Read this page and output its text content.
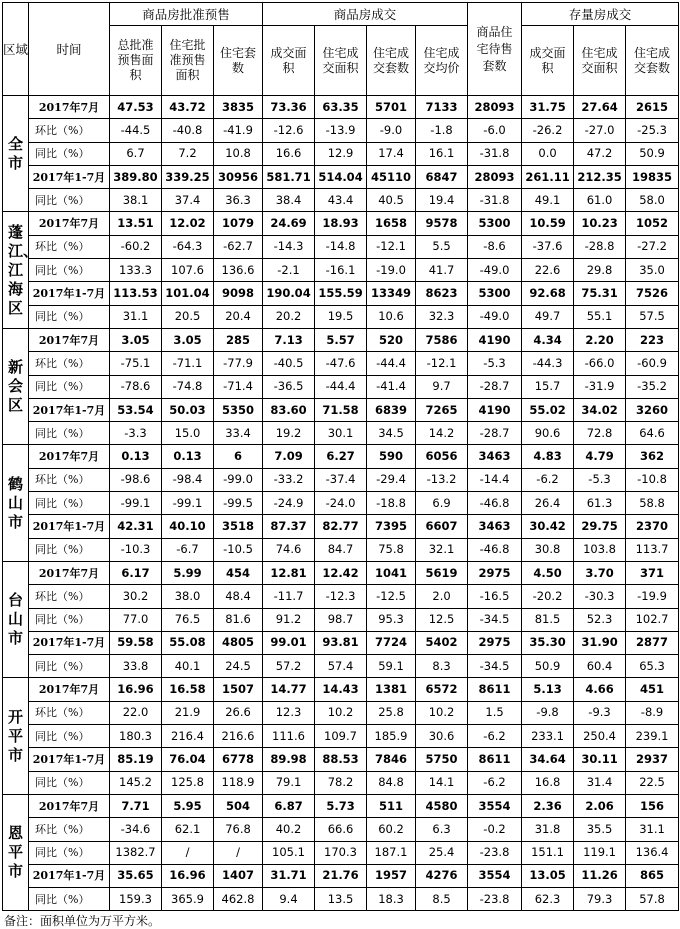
区域	时间	商品房批准预售			商品房成交				商品住宅待售套数	存量房成交		
		总批准预售面积	住宅批准预售面积	住宅套数	成交面积	住宅成交面积	住宅成交套数	住宅成交均价		成交面积	住宅成交面积	住宅成交套数
全市	2017年7月	47.53	43.72	3835	73.36	63.35	5701	7133	28093	31.75	27.64	2615
	环比（%）	-44.5	-40.8	-41.9	-12.6	-13.9	-9.0	-1.8	-6.0	-26.2	-27.0	-25.3
	同比（%）	6.7	7.2	10.8	16.6	12.9	17.4	16.1	-31.8	0.0	47.2	50.9
	2017年1-7月	389.80	339.25	30956	581.71	514.04	45110	6847	28093	261.11	212.35	19835
	同比（%）	38.1	37.4	36.3	38.4	43.4	40.5	19.4	-31.8	49.1	61.0	58.0
蓬江、江海区	2017年7月	13.51	12.02	1079	24.69	18.93	1658	9578	5300	10.59	10.23	1052
	环比（%）	-60.2	-64.3	-62.7	-14.3	-14.8	-12.1	5.5	-8.6	-37.6	-28.8	-27.2
	同比（%）	133.3	107.6	136.6	-2.1	-16.1	-19.0	41.7	-49.0	22.6	29.8	35.0
	2017年1-7月	113.53	101.04	9098	190.04	155.59	13349	8623	5300	92.68	75.31	7526
	同比（%）	31.1	20.5	20.4	20.2	19.5	10.6	32.3	-49.0	49.7	55.1	57.5
新会区	2017年7月	3.05	3.05	285	7.13	5.57	520	7586	4190	4.34	2.20	223
	环比（%）	-75.1	-71.1	-77.9	-40.5	-47.6	-44.4	-12.1	-5.3	-44.3	-66.0	-60.9
	同比（%）	-78.6	-74.8	-71.4	-36.5	-44.4	-41.4	9.7	-28.7	15.7	-31.9	-35.2
	2017年1-7月	53.54	50.03	5350	83.60	71.58	6839	7265	4190	55.02	34.02	3260
	同比（%）	-3.3	15.0	33.4	19.2	30.1	34.5	14.2	-28.7	90.6	72.8	64.6
鹤山市	2017年7月	0.13	0.13	6	7.09	6.27	590	6056	3463	4.83	4.79	362
	环比（%）	-98.6	-98.4	-99.0	-33.2	-37.4	-29.4	-13.2	-14.4	-6.2	-5.3	-10.8
	同比（%）	-99.1	-99.1	-99.5	-24.9	-24.0	-18.8	6.9	-46.8	26.4	61.3	58.8
	2017年1-7月	42.31	40.10	3518	87.37	82.77	7395	6607	3463	30.42	29.75	2370
	同比（%）	-10.3	-6.7	-10.5	74.6	84.7	75.8	32.1	-46.8	30.8	103.8	113.7
台山市	2017年7月	6.17	5.99	454	12.81	12.42	1041	5619	2975	4.50	3.70	371
	环比（%）	30.2	38.0	48.4	-11.7	-12.3	-12.5	2.0	-16.5	-20.2	-30.3	-19.9
	同比（%）	77.0	76.5	81.6	91.2	98.7	95.3	12.5	-34.5	81.5	52.3	102.7
	2017年1-7月	59.58	55.08	4805	99.01	93.81	7724	5402	2975	35.30	31.90	2877
	同比（%）	33.8	40.1	24.5	57.2	57.4	59.1	8.3	-34.5	50.9	60.4	65.3
开平市	2017年7月	16.96	16.58	1507	14.77	14.43	1381	6572	8611	5.13	4.66	451
	环比（%）	22.0	21.9	26.6	12.3	10.2	25.8	10.2	1.5	-9.8	-9.3	-8.9
	同比（%）	180.3	216.4	216.6	111.6	109.7	185.9	30.6	-6.2	233.1	250.4	239.1
	2017年1-7月	85.19	76.04	6778	89.98	88.53	7846	5750	8611	34.64	30.11	2937
	同比（%）	145.2	125.8	118.9	79.1	78.2	84.8	14.1	-6.2	16.8	31.4	22.5
恩平市	2017年7月	7.71	5.95	504	6.87	5.73	511	4580	3554	2.36	2.06	156
	环比（%）	-34.6	62.1	76.8	40.2	66.6	60.2	6.3	-0.2	31.8	35.5	31.1
	同比（%）	1382.7	/	/	105.1	170.3	187.1	25.4	-23.8	151.1	119.1	136.4
	2017年1-7月	35.65	16.96	1407	31.71	21.76	1957	4276	3554	13.05	11.26	865
	同比（%）	159.3	365.9	462.8	9.4	13.5	18.3	8.5	-23.8	62.3	79.3	57.8
备注：面积单位为万平方米。
